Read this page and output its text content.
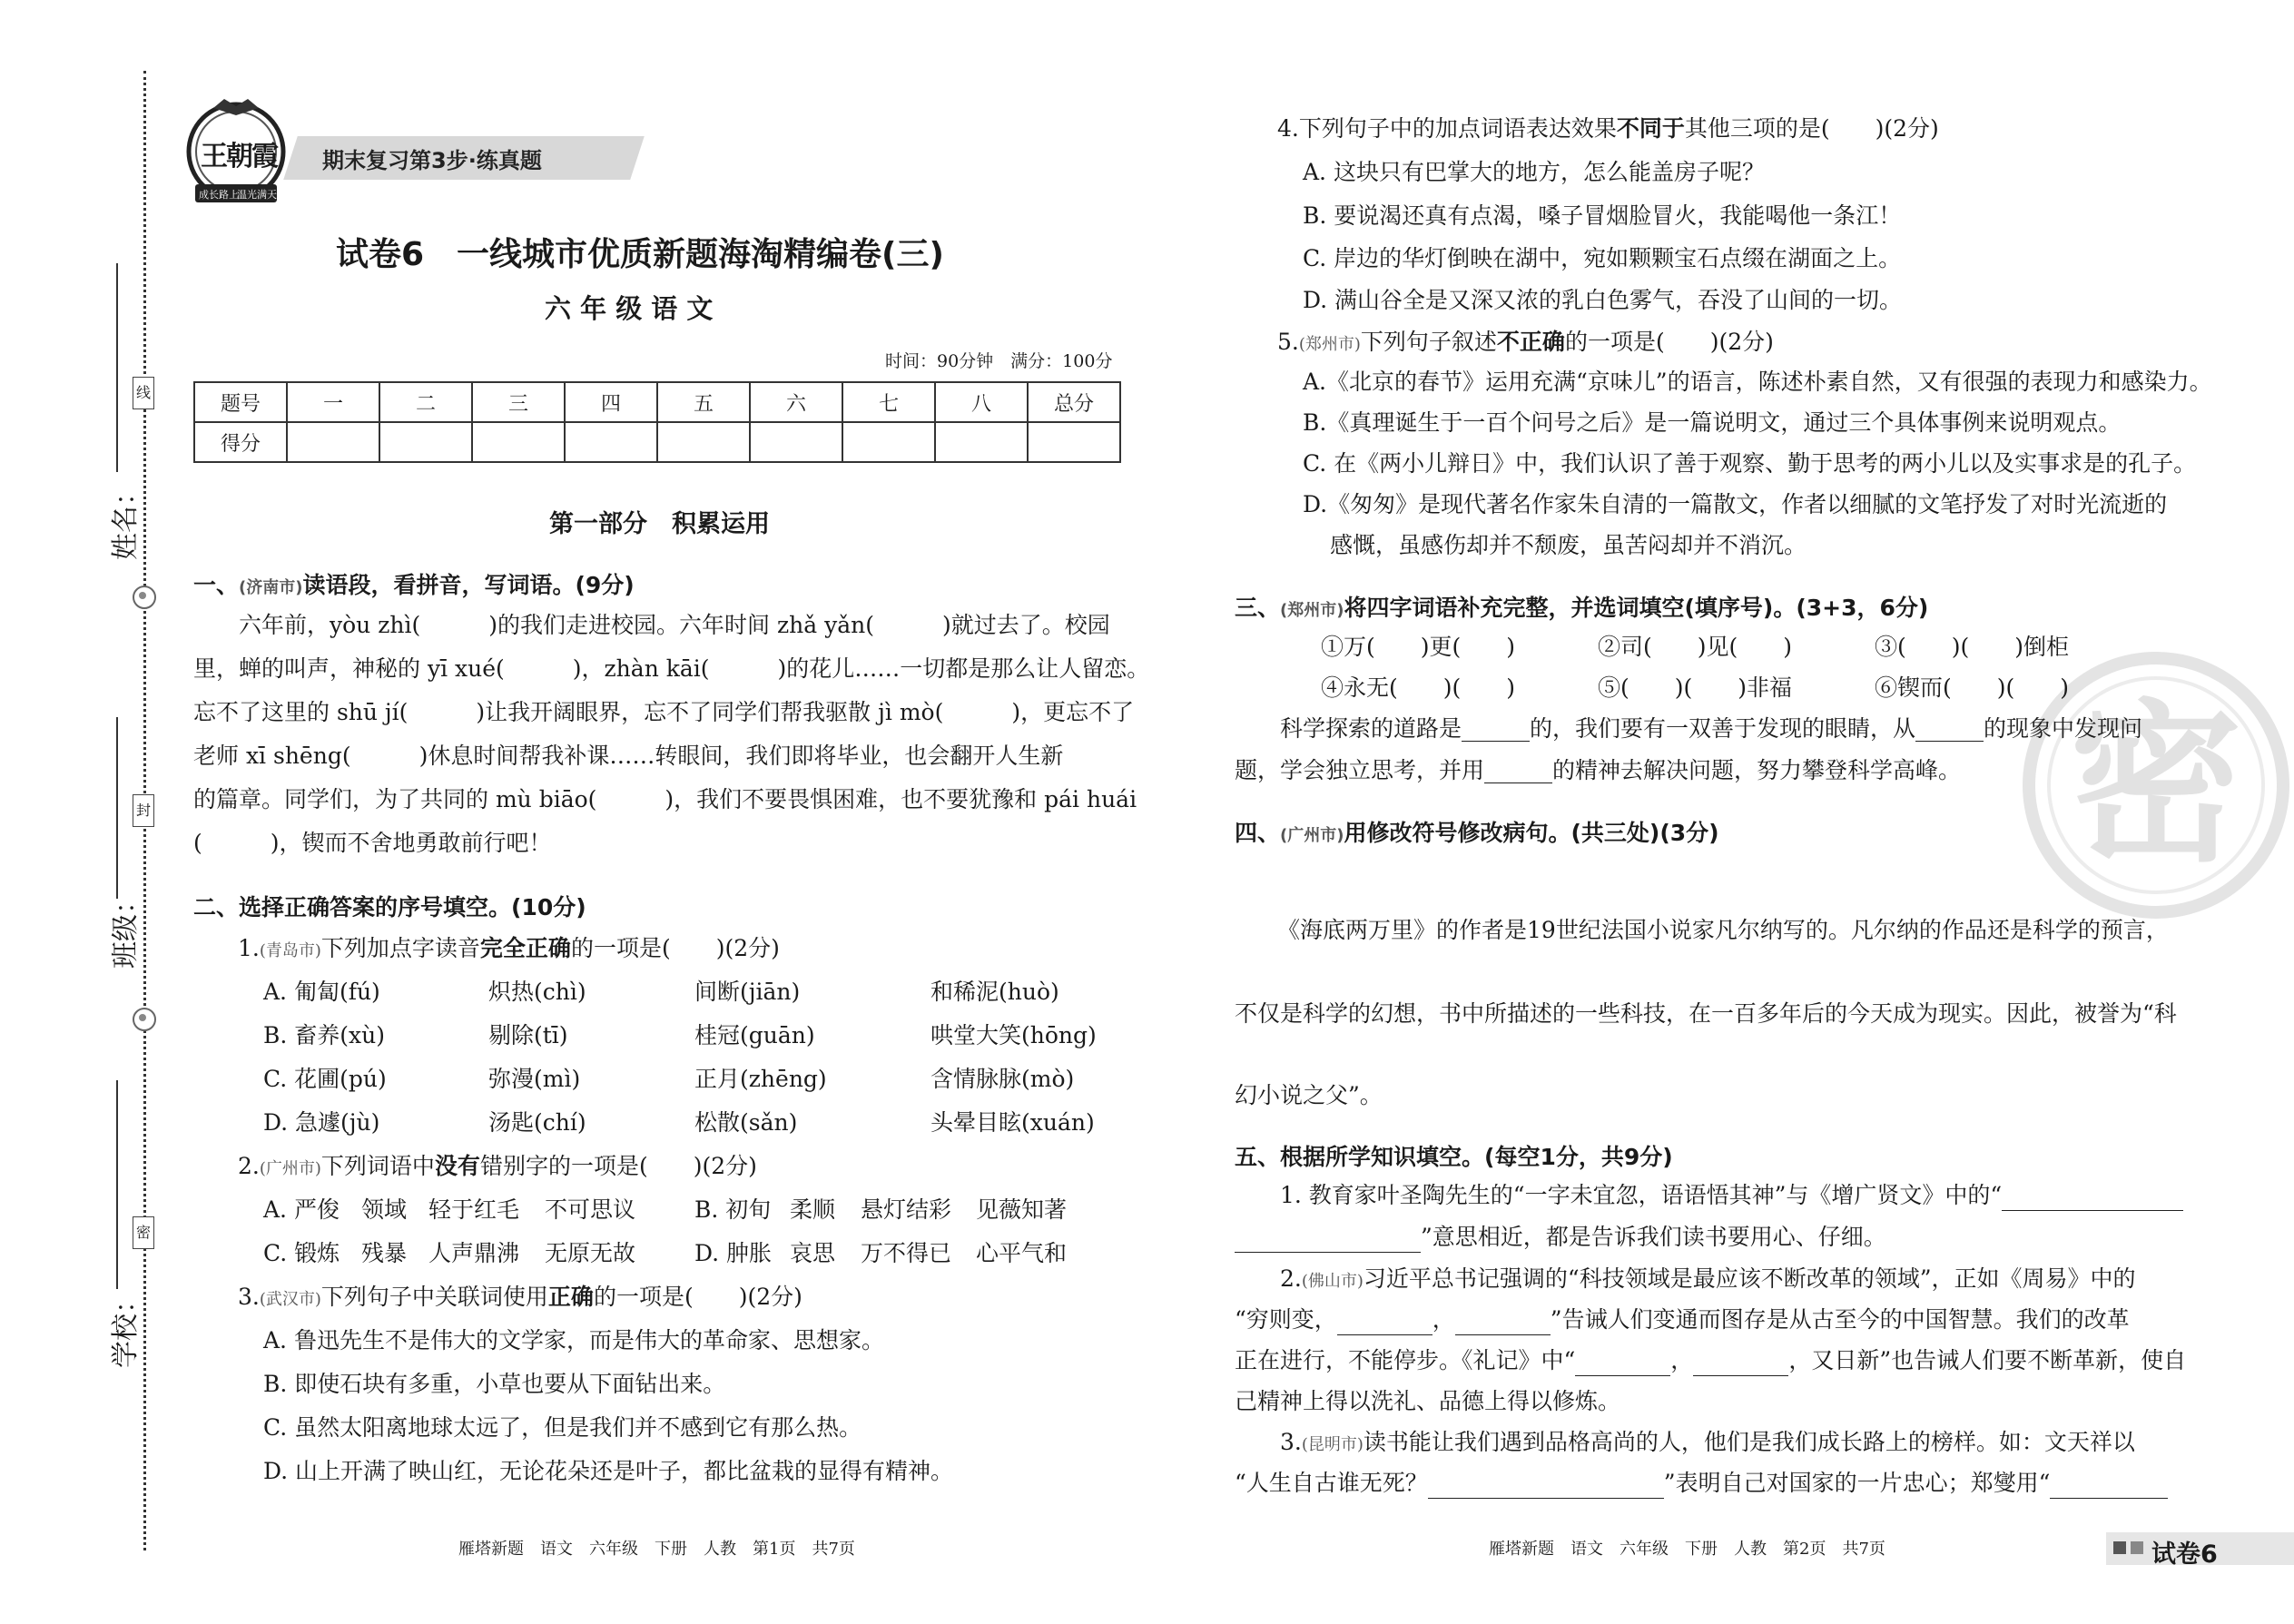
线
封
密
姓名：
班级：
学校：
王朝霞
成长路上
温光满天
期末复习第3步·练真题
试卷6　一线城市优质新题海淘精编卷(三)
六 年 级 语 文
时间：90分钟　满分：100分
题号	一	二	三	四	五	六	七	八	总分
得分									
第一部分　积累运用
一、(济南市)读语段，看拼音，写词语。(9分)
　　六年前，yòu zhì(　　　)的我们走进校园。六年时间 zhǎ yǎn(　　　)就过去了。校园
里，蝉的叫声，神秘的 yī xué(　　　)，zhàn kāi(　　　)的花儿……一切都是那么让人留恋。
忘不了这里的 shū jí(　　　)让我开阔眼界，忘不了同学们帮我驱散 jì mò(　　　)，更忘不了
老师 xī shēng(　　　)休息时间帮我补课……转眼间，我们即将毕业，也会翻开人生新
的篇章。同学们，为了共同的 mù biāo(　　　)，我们不要畏惧困难，也不要犹豫和 pái huái
(　　　)，锲而不舍地勇敢前行吧！
二、选择正确答案的序号填空。(10分)
1.(青岛市)下列加点字读音完全正确的一项是(　　)(2分)
A. 匍匐(fú)	炽热(chì)	间断(jiān)	和稀泥(huò)
B. 畜养(xù)	剔除(tī)	桂冠(guān)	哄堂大笑(hōng)
C. 花圃(pú)	弥漫(mì)	正月(zhēng)	含情脉脉(mò)
D. 急遽(jù)	汤匙(chí)	松散(sǎn)	头晕目眩(xuán)
2.(广州市)下列词语中没有错别字的一项是(　　)(2分)
A. 严俊 领域 轻于红毛 不可思议	B. 初旬 柔顺 悬灯结彩 见薇知著
C. 锻炼 残暴 人声鼎沸 无原无故	D. 肿胀 哀思 万不得已 心平气和
3.(武汉市)下列句子中关联词使用正确的一项是(　　)(2分)
A. 鲁迅先生不是伟大的文学家，而是伟大的革命家、思想家。
B. 即使石块有多重，小草也要从下面钻出来。
C. 虽然太阳离地球太远了，但是我们并不感到它有那么热。
D. 山上开满了映山红，无论花朵还是叶子，都比盆栽的显得有精神。
雁塔新题　语文　六年级　下册　人教　第1页　共7页
密
4.下列句子中的加点词语表达效果不同于其他三项的是(　　)(2分)
A. 这块只有巴掌大的地方，怎么能盖房子呢？
B. 要说渴还真有点渴，嗓子冒烟脸冒火，我能喝他一条江！
C. 岸边的华灯倒映在湖中，宛如颗颗宝石点缀在湖面之上。
D. 满山谷全是又深又浓的乳白色雾气，吞没了山间的一切。
5.(郑州市)下列句子叙述不正确的一项是(　　)(2分)
A.《北京的春节》运用充满“京味儿”的语言，陈述朴素自然，又有很强的表现力和感染力。
B.《真理诞生于一百个问号之后》是一篇说明文，通过三个具体事例来说明观点。
C. 在《两小儿辩日》中，我们认识了善于观察、勤于思考的两小儿以及实事求是的孔子。
D.《匆匆》是现代著名作家朱自清的一篇散文，作者以细腻的文笔抒发了对时光流逝的
感慨，虽感伤却并不颓废，虽苦闷却并不消沉。
三、(郑州市)将四字词语补充完整，并选词填空(填序号)。(3+3，6分)
①万(　　)更(　　)	②司(　　)见(　　)	③(　　)(　　)倒柜
④永无(　　)(　　)	⑤(　　)(　　)非福	⑥锲而(　　)(　　)
　　科学探索的道路是______的，我们要有一双善于发现的眼睛，从______的现象中发现问
题，学会独立思考，并用______的精神去解决问题，努力攀登科学高峰。
四、(广州市)用修改符号修改病句。(共三处)(3分)
《海底两万里》的作者是19世纪法国小说家凡尔纳写的。凡尔纳的作品还是科学的预言，
不仅是科学的幻想，书中所描述的一些科技，在一百多年后的今天成为现实。因此，被誉为“科
幻小说之父”。
五、根据所学知识填空。(每空1分，共9分)
　　1. 教育家叶圣陶先生的“一字未宜忽，语语悟其神”与《增广贤文》中的“
”意思相近，都是告诉我们读书要用心、仔细。
　　2.(佛山市)习近平总书记强调的“科技领域是最应该不断改革的领域”，正如《周易》中的
“穷则变，	，	”告诫人们变通而图存是从古至今的中国智慧。我们的改革
正在进行，不能停步。《礼记》中“	，	，又日新”也告诫人们要不断革新，使自
己精神上得以洗礼、品德上得以修炼。
　　3.(昆明市)读书能让我们遇到品格高尚的人，他们是我们成长路上的榜样。如：文天祥以
“人生自古谁无死？	”表明自己对国家的一片忠心；郑燮用“
雁塔新题　语文　六年级　下册　人教　第2页　共7页	试卷6
